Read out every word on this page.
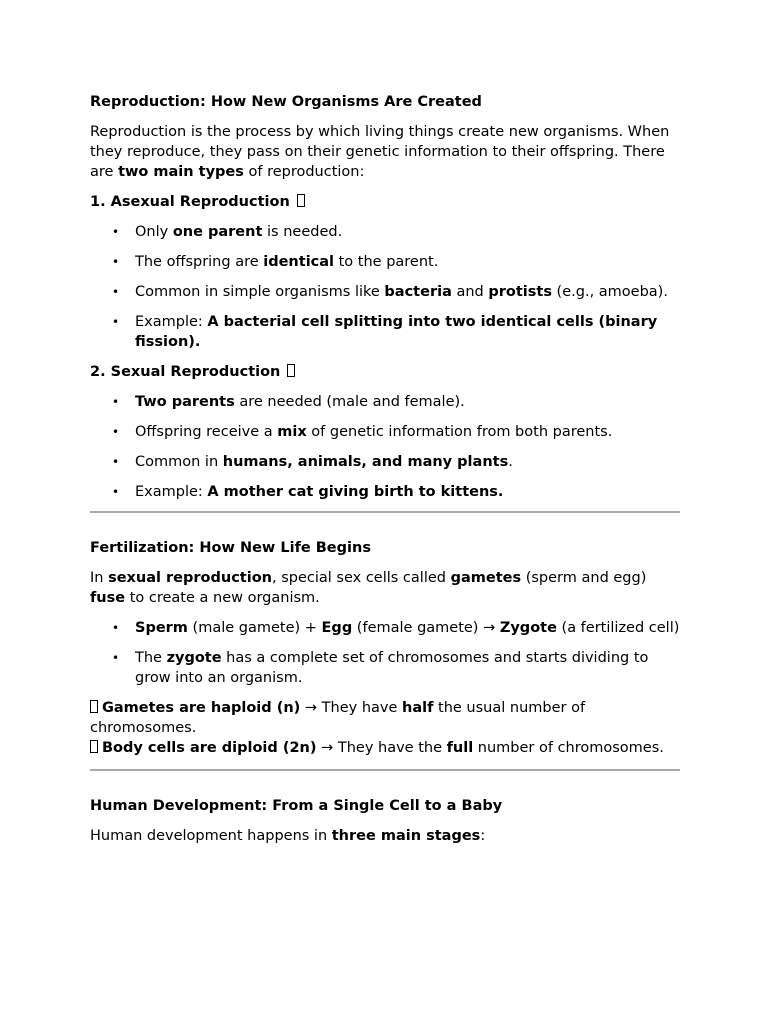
Reproduction: How New Organisms Are Created

Reproduction is the process by which living things create new organisms. When they reproduce, they pass on their genetic information to their offspring. There are two main types of reproduction:

1. Asexual Reproduction
• Only one parent is needed.
• The offspring are identical to the parent.
• Common in simple organisms like bacteria and protists (e.g., amoeba).
• Example: A bacterial cell splitting into two identical cells (binary fission).
2. Sexual Reproduction
• Two parents are needed (male and female).
• Offspring receive a mix of genetic information from both parents.
• Common in humans, animals, and many plants.
• Example: A mother cat giving birth to kittens.
Fertilization: How New Life Begins

In sexual reproduction, special sex cells called gametes (sperm and egg) fuse to create a new organism.

• Sperm (male gamete) + Egg (female gamete) → Zygote (a fertilized cell)
• The zygote has a complete set of chromosomes and starts dividing to grow into an organism.

Gametes are haploid (n) → They have half the usual number of chromosomes.

Body cells are diploid (2n) → They have the full number of chromosomes.

Human Development: From a Single Cell to a Baby

Human development happens in three main stages:
